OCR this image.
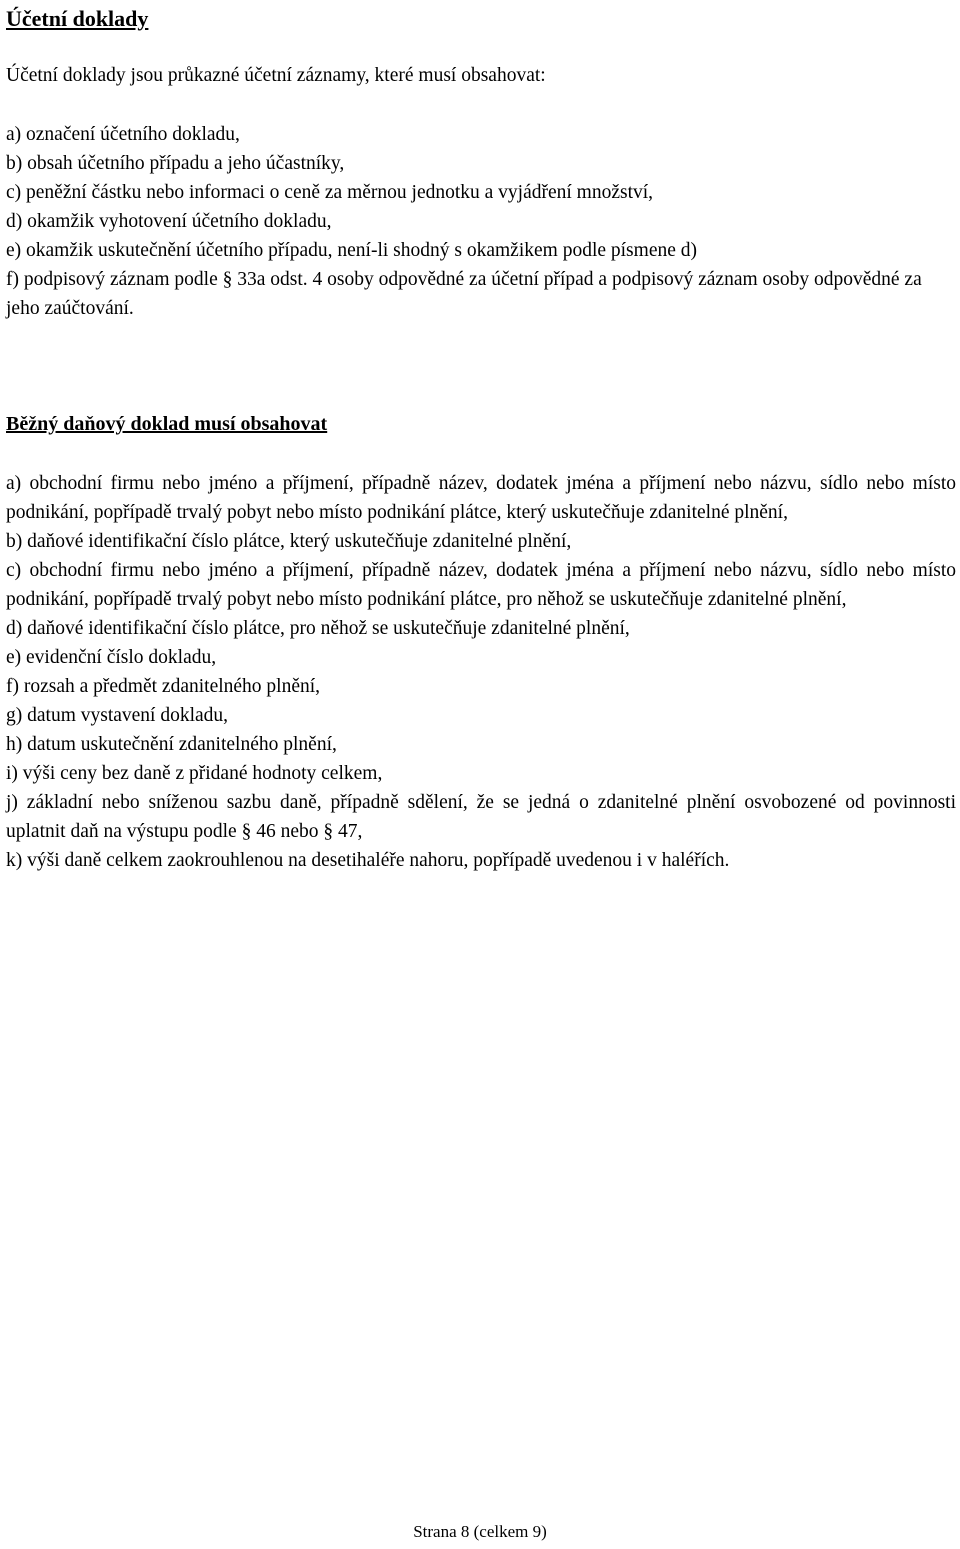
Účetní doklady
Účetní doklady jsou průkazné účetní záznamy, které musí obsahovat:

a) označení účetního dokladu,

b) obsah účetního případu a jeho účastníky,

c) peněžní částku nebo informaci o ceně za měrnou jednotku a vyjádření množství,

d) okamžik vyhotovení účetního dokladu,

e) okamžik uskutečnění účetního případu, není-li shodný s okamžikem podle písmene d)

f) podpisový záznam podle § 33a odst. 4 osoby odpovědné za účetní případ a podpisový záznam osoby odpovědné za jeho zaúčtování.

Běžný daňový doklad musí obsahovat

a) obchodní firmu nebo jméno a příjmení, případně název, dodatek jména a příjmení nebo názvu, sídlo nebo místo podnikání, popřípadě trvalý pobyt nebo místo podnikání plátce, který uskutečňuje zdanitelné plnění,

b) daňové identifikační číslo plátce, který uskutečňuje zdanitelné plnění,

c) obchodní firmu nebo jméno a příjmení, případně název, dodatek jména a příjmení nebo názvu, sídlo nebo místo podnikání, popřípadě trvalý pobyt nebo místo podnikání plátce, pro něhož se uskutečňuje zdanitelné plnění,

d) daňové identifikační číslo plátce, pro něhož se uskutečňuje zdanitelné plnění,

e) evidenční číslo dokladu,

f) rozsah a předmět zdanitelného plnění,

g) datum vystavení dokladu,

h) datum uskutečnění zdanitelného plnění,

i) výši ceny bez daně z přidané hodnoty celkem,

j) základní nebo sníženou sazbu daně, případně sdělení, že se jedná o zdanitelné plnění osvobozené od povinnosti uplatnit daň na výstupu podle § 46 nebo § 47,

k) výši daně celkem zaokrouhlenou na desetihaléře nahoru, popřípadě uvedenou i v haléřích.

Strana 8 (celkem 9)
